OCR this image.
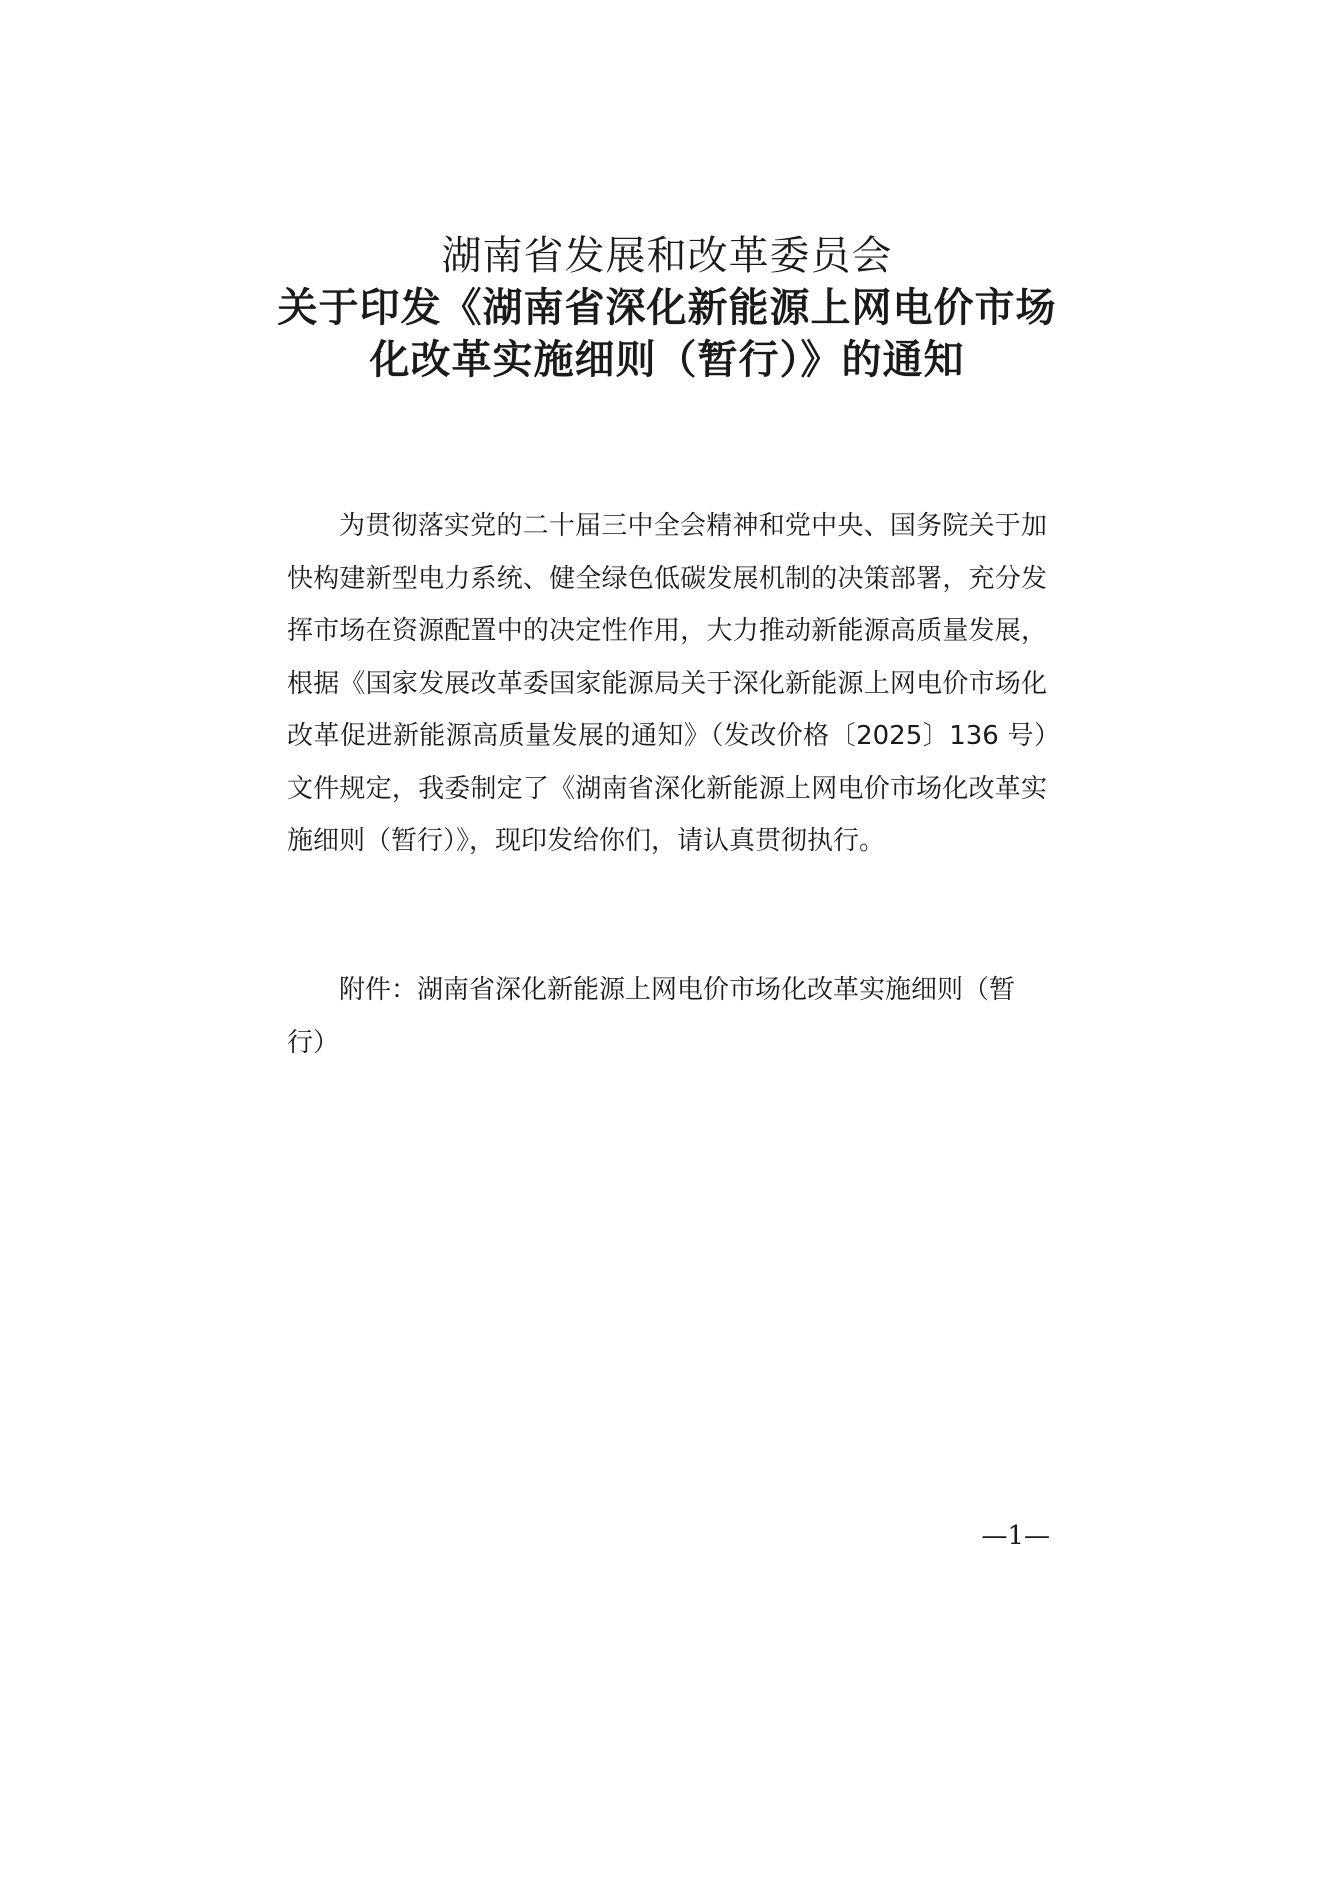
湖南省发展和改革委员会
关于印发《湖南省深化新能源上网电价市场
化改革实施细则（暂行）》的通知

为贯彻落实党的二十届三中全会精神和党中央、国务院关于加快构建新型电力系统、健全绿色低碳发展机制的决策部署，充分发挥市场在资源配置中的决定性作用，大力推动新能源高质量发展，根据《国家发展改革委国家能源局关于深化新能源上网电价市场化改革促进新能源高质量发展的通知》（发改价格〔2025〕136 号）文件规定，我委制定了《湖南省深化新能源上网电价市场化改革实施细则（暂行）》，现印发给你们，请认真贯彻执行。

附件：湖南省深化新能源上网电价市场化改革实施细则（暂行）
—1—
